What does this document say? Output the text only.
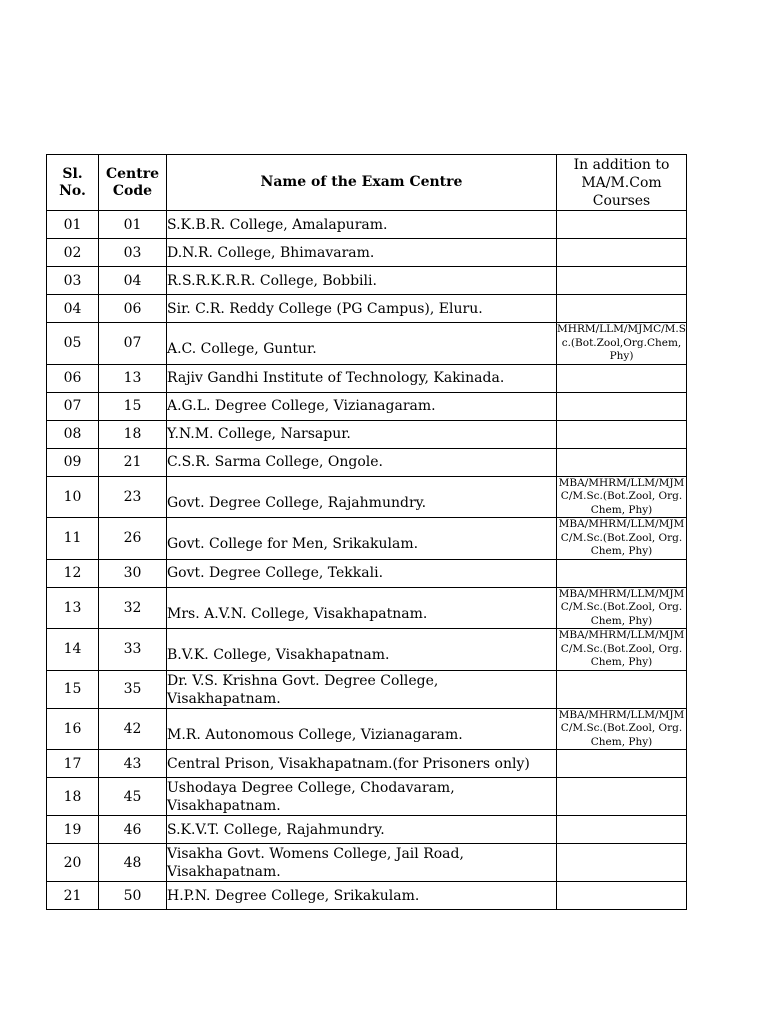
Sl. No.	Centre Code	Name of the Exam Centre	In addition to MA/M.Com Courses
01	01	S.K.B.R. College, Amalapuram.	
02	03	D.N.R. College, Bhimavaram.	
03	04	R.S.R.K.R.R. College, Bobbili.	
04	06	Sir. C.R. Reddy College (PG Campus), Eluru.	
05	07	A.C. College, Guntur.	MHRM/LLM/MJMC/M.Sc.(Bot.Zool,Org.Chem, Phy)
06	13	Rajiv Gandhi Institute of Technology, Kakinada.	
07	15	A.G.L. Degree College, Vizianagaram.	
08	18	Y.N.M. College, Narsapur.	
09	21	C.S.R. Sarma College, Ongole.	
10	23	Govt. Degree College, Rajahmundry.	MBA/MHRM/LLM/MJMC/M.Sc.(Bot.Zool, Org.Chem, Phy)
11	26	Govt. College for Men, Srikakulam.	MBA/MHRM/LLM/MJMC/M.Sc.(Bot.Zool, Org.Chem, Phy)
12	30	Govt. Degree College, Tekkali.	
13	32	Mrs. A.V.N. College, Visakhapatnam.	MBA/MHRM/LLM/MJMC/M.Sc.(Bot.Zool, Org.Chem, Phy)
14	33	B.V.K. College, Visakhapatnam.	MBA/MHRM/LLM/MJMC/M.Sc.(Bot.Zool, Org.Chem, Phy)
15	35	Dr. V.S. Krishna Govt. Degree College, Visakhapatnam.	
16	42	M.R. Autonomous College, Vizianagaram.	MBA/MHRM/LLM/MJMC/M.Sc.(Bot.Zool, Org.Chem, Phy)
17	43	Central Prison, Visakhapatnam.(for Prisoners only)	
18	45	Ushodaya Degree College, Chodavaram, Visakhapatnam.	
19	46	S.K.V.T. College, Rajahmundry.	
20	48	Visakha Govt. Womens College, Jail Road, Visakhapatnam.	
21	50	H.P.N. Degree College, Srikakulam.	
